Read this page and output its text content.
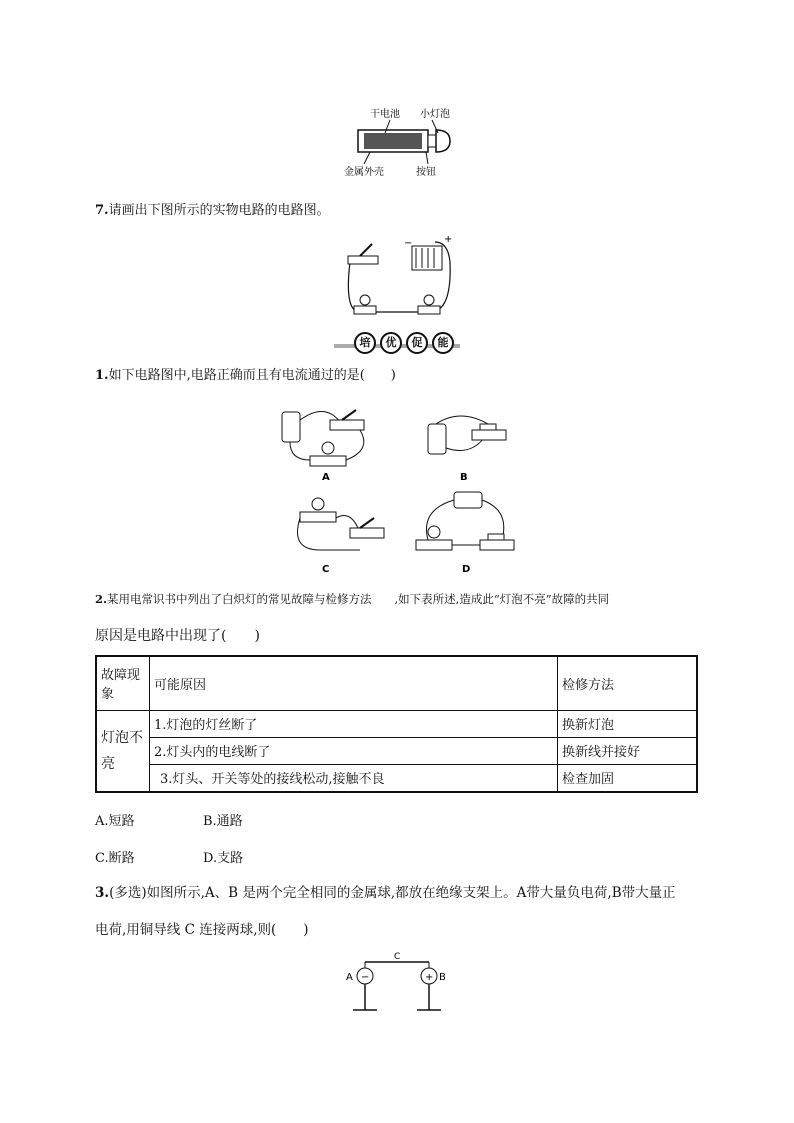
干电池 小灯泡
金属外壳	按钮
7.请画出下图所示的实物电路的电路图。
−	+
培	优	促	能
1.如下电路图中,电路正确而且有电流通过的是(　　)
A	B
C	D
2.某用电常识书中列出了白炽灯的常见故障与检修方法　　,如下表所述,造成此“灯泡不亮”故障的共同
原因是电路中出现了(　　)
故障现象	可能原因	检修方法
灯泡不亮	1.灯泡的灯丝断了	换新灯泡
	2.灯头内的电线断了	换新线并接好
	3.灯头、开关等处的接线松动,接触不良	检查加固
A.短路	B.通路
C.断路	D.支路
3.(多选)如图所示,A、B 是两个完全相同的金属球,都放在绝缘支架上。A带大量负电荷,B带大量正
电荷,用铜导线 C 连接两球,则(　　)
C
−	+
A	B
